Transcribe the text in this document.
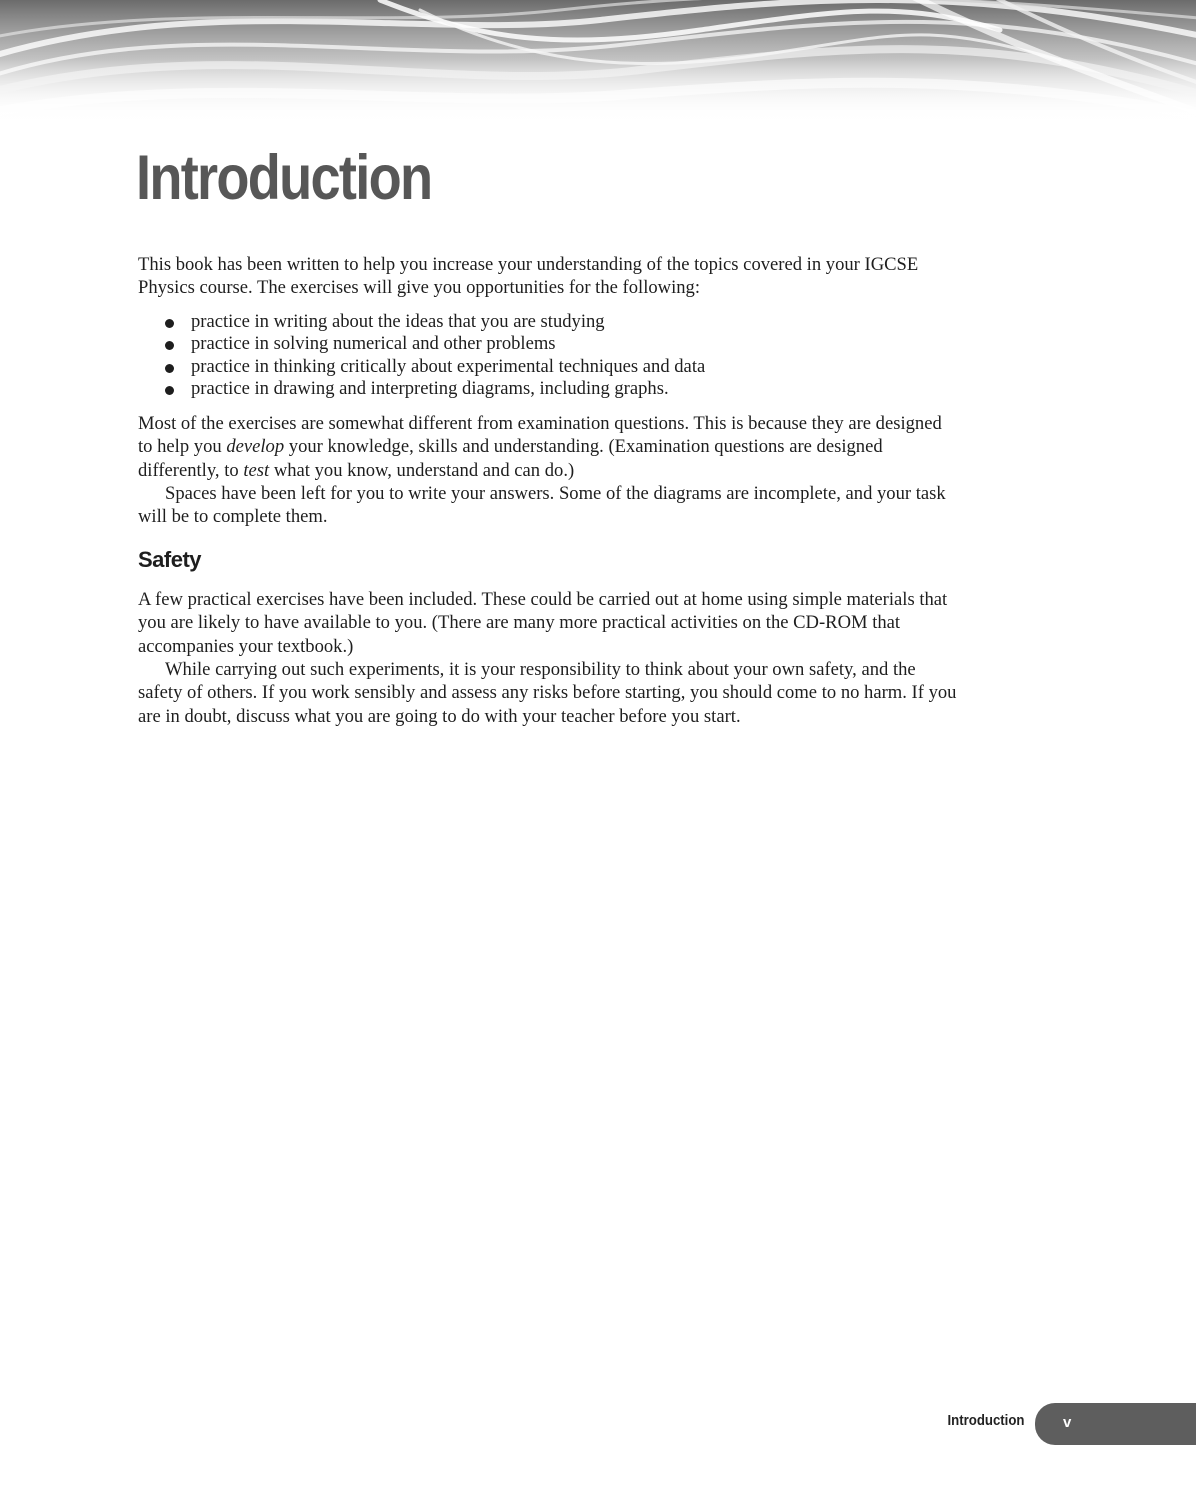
Introduction

This book has been written to help you increase your understanding of the topics covered in your IGCSE Physics course. The exercises will give you opportunities for the following:

practice in writing about the ideas that you are studying
practice in solving numerical and other problems
practice in thinking critically about experimental techniques and data
practice in drawing and interpreting diagrams, including graphs.

Most of the exercises are somewhat different from examination questions. This is because they are designed to help you develop your knowledge, skills and understanding. (Examination questions are designed differently, to test what you know, understand and can do.)

Spaces have been left for you to write your answers. Some of the diagrams are incomplete, and your task will be to complete them.

Safety

A few practical exercises have been included. These could be carried out at home using simple materials that you are likely to have available to you. (There are many more practical activities on the CD-ROM that accompanies your textbook.)

While carrying out such experiments, it is your responsibility to think about your own safety, and the safety of others. If you work sensibly and assess any risks before starting, you should come to no harm. If you are in doubt, discuss what you are going to do with your teacher before you start.

Introduction	v
